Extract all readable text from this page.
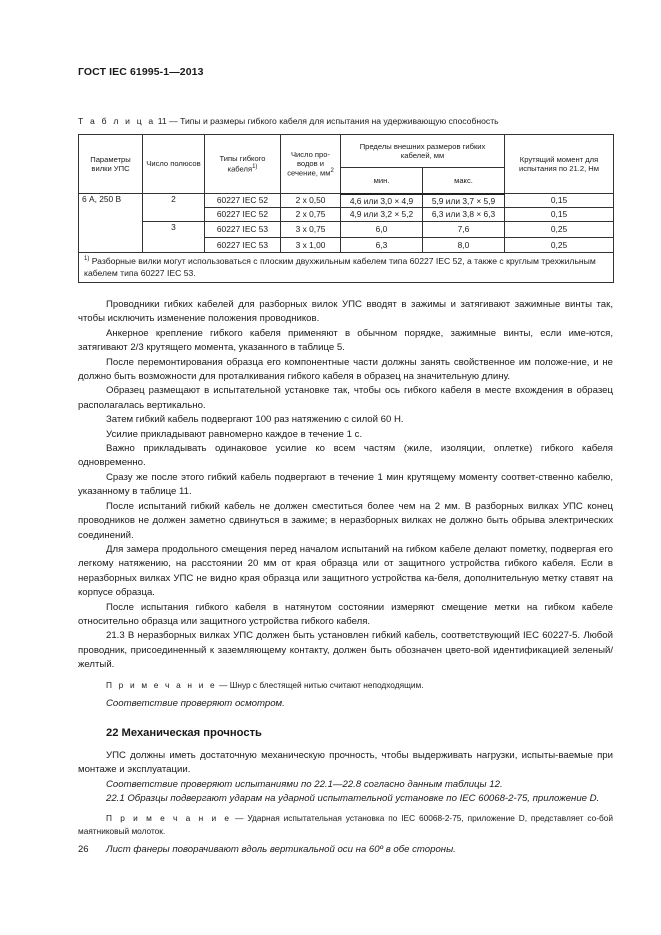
ГОСТ IEC 61995-1—2013
Т а б л и ц а 11 — Типы и размеры гибкого кабеля для испытания на удерживающую способность
Параметры вилки УПС	Число полюсов	Типы гибкого кабеля$^{1)}$	Число про-водов и сечение, $мм^2$	Пределы внешних размеров гибких кабелей, мм		Крутящий момент для испытания по 21.2, Нм
				мин.	макс.	
6 А, 250 В	2	60227 IEC 52	2 х 0,50	4,6 или 3,0 × 4,9	5,9 или 3,7 × 5,9	0,15
		60227 IEC 52	2 х 0,75	4,9 или 3,2 × 5,2	6,3 или 3,8 × 6,3	0,15
	3	60227 IEC 53	3 х 0,75	6,0	7,6	0,25
		60227 IEC 53	3 х 1,00	6,3	8,0	0,25
$^{1)}$ Разборные вилки могут использоваться с плоским двухжильным кабелем типа 60227 IEC 52, а также с круглым трехжильным кабелем типа 60227 IEC 53.						

Проводники гибких кабелей для разборных вилок УПС вводят в зажимы и затягивают зажимные винты так, чтобы исключить изменение положения проводников.

Анкерное крепление гибкого кабеля применяют в обычном порядке, зажимные винты, если име-ются, затягивают 2/3 крутящего момента, указанного в таблице 5.

После перемонтирования образца его компонентные части должны занять свойственное им положе-ние, и не должно быть возможности для проталкивания гибкого кабеля в образец на значительную длину.

Образец размещают в испытательной установке так, чтобы ось гибкого кабеля в месте вхождения в образец располагалась вертикально.

Затем гибкий кабель подвергают 100 раз натяжению с силой 60 Н.

Усилие прикладывают равномерно каждое в течение 1 с.

Важно прикладывать одинаковое усилие ко всем частям (жиле, изоляции, оплетке) гибкого кабеля одновременно.

Сразу же после этого гибкий кабель подвергают в течение 1 мин крутящему моменту соответ-ственно кабелю, указанному в таблице 11.

После испытаний гибкий кабель не должен сместиться более чем на 2 мм. В разборных вилках УПС конец проводников не должен заметно сдвинуться в зажиме; в неразборных вилках не должно быть обрыва электрических соединений.

Для замера продольного смещения перед началом испытаний на гибком кабеле делают пометку, подвергая его легкому натяжению, на расстоянии 20 мм от края образца или от защитного устройства гибкого кабеля. Если в неразборных вилках УПС не видно края образца или защитного устройства ка-беля, дополнительную метку ставят на корпусе образца.

После испытания гибкого кабеля в натянутом состоянии измеряют смещение метки на гибком кабеле относительно образца или защитного устройства гибкого кабеля.

21.3 В неразборных вилках УПС должен быть установлен гибкий кабель, соответствующий IEC 60227-5. Любой проводник, присоединенный к заземляющему контакту, должен быть обозначен цвето-вой идентификацией зеленый/желтый.

П р и м е ч а н и е — Шнур с блестящей нитью считают неподходящим.

Соответствие проверяют осмотром.

22 Механическая прочность

УПС должны иметь достаточную механическую прочность, чтобы выдерживать нагрузки, испыты-ваемые при монтаже и эксплуатации.

Соответствие проверяют испытаниями по 22.1—22.8 согласно данным таблицы 12.

22.1 Образцы подвергают ударам на ударной испытательной установке по IEC 60068-2-75, приложение D.

П р и м е ч а н и е — Ударная испытательная установка по IEC 60068-2-75, приложение D, представляет со-бой маятниковый молоток.

Лист фанеры поворачивают вдоль вертикальной оси на 60º в обе стороны.

26
